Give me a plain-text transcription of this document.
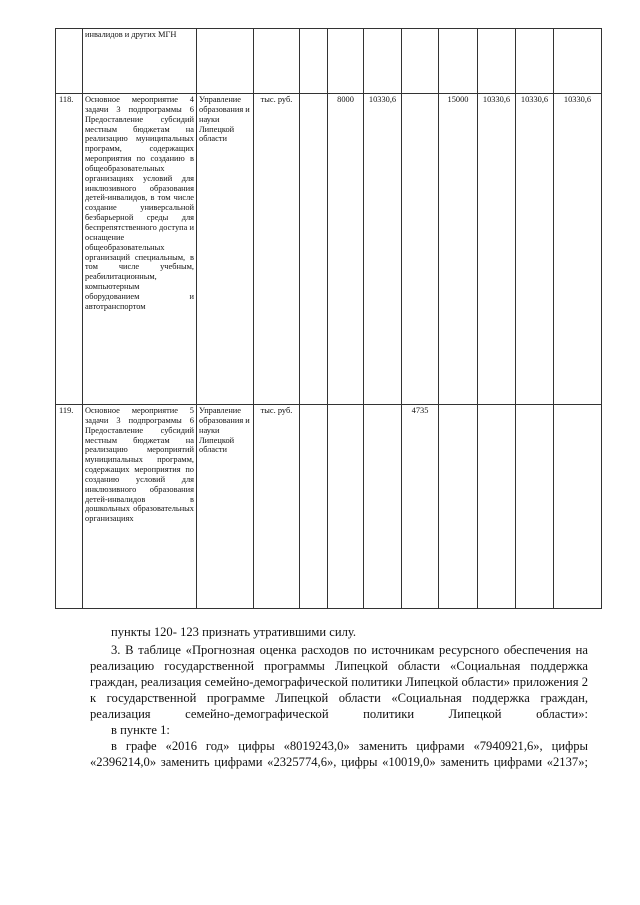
	инвалидов и других МГН										
118.	Основное мероприятие 4 задачи 3 подпрограммы 6 Предоставление субсидий местным бюджетам на реализацию муниципальных программ, содержащих мероприятия по созданию в общеобразовательных организациях условий для инклюзивного образования детей-инвалидов, в том числе создание универсальной безбарьерной среды для беспрепятственного доступа и оснащение общеобразовательных организаций специальным, в том числе учебным, реабилитационным, компьютерным оборудованием и автотранспортом	Управление образования и науки Липецкой области	тыс. руб.		8000	10330,6		15000	10330,6	10330,6	10330,6
119.	Основное мероприятие 5 задачи 3 подпрограммы 6 Предоставление субсидий местным бюджетам на реализацию мероприятий муниципальных программ, содержащих мероприятия по созданию условий для инклюзивного образования детей-инвалидов в дошкольных образовательных организациях	Управление образования и науки Липецкой области	тыс. руб.				4735				

пункты 120- 123 признать утратившими силу.

3. В таблице «Прогнозная оценка расходов по источникам ресурсного обеспечения на реализацию государственной программы Липецкой области «Социальная поддержка граждан, реализация семейно-демографической политики Липецкой области» приложения 2 к государственной программе Липецкой области «Социальная поддержка граждан, реализация семейно-демографической политики Липецкой области»:

в пункте 1:

в графе «2016 год» цифры «8019243,0» заменить цифрами «7940921,6», цифры «2396214,0» заменить цифрами «2325774,6», цифры «10019,0» заменить цифрами «2137»;
